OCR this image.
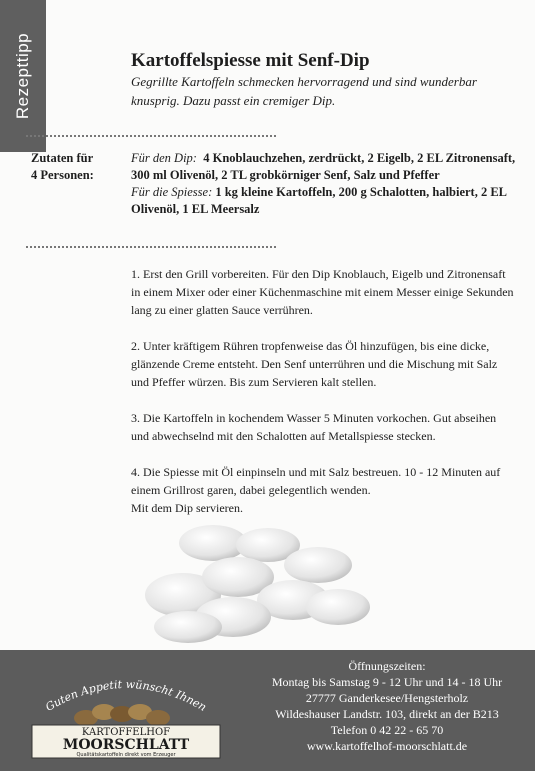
Rezepttipp	Kartoffelspiesse mit Senf-Dip
Gegrillte Kartoffeln schmecken hervorragend und sind wunderbar knusprig. Dazu passt ein cremiger Dip.
Zutaten für
4 Personen:
Für den Dip: 4 Knoblauchzehen, zerdrückt, 2 Eigelb, 2 EL Zitronensaft, 300 ml Olivenöl, 2 TL grobkörniger Senf, Salz und Pfeffer
Für die Spiesse: 1 kg kleine Kartoffeln, 200 g Schalotten, halbiert, 2 EL Olivenöl, 1 EL Meersalz

1. Erst den Grill vorbereiten. Für den Dip Knoblauch, Eigelb und Zitronensaft in einem Mixer oder einer Küchenmaschine mit einem Messer einige Sekunden lang zu einer glatten Sauce verrühren.

2. Unter kräftigem Rühren tropfenweise das Öl hinzufügen, bis eine dicke, glänzende Creme entsteht. Den Senf unterrühren und die Mischung mit Salz und Pfeffer würzen. Bis zum Servieren kalt stellen.

3. Die Kartoffeln in kochendem Wasser 5 Minuten vorkochen. Gut abseihen und abwechselnd mit den Schalotten auf Metallspiesse stecken.

4. Die Spiesse mit Öl einpinseln und mit Salz bestreuen. 10 - 12 Minuten auf einem Grillrost garen, dabei gelegentlich wenden.

Mit dem Dip servieren.

Guten Appetit wünscht Ihnen
KARTOFFELHOF
MOORSCHLATT
Qualitätskartoffeln direkt vom Erzeuger
Öffnungszeiten:
Montag bis Samstag 9 - 12 Uhr und 14 - 18 Uhr
27777 Ganderkesee/Hengsterholz
Wildeshauser Landstr. 103, direkt an der B213
Telefon 0 42 22 - 65 70
www.kartoffelhof-moorschlatt.de
